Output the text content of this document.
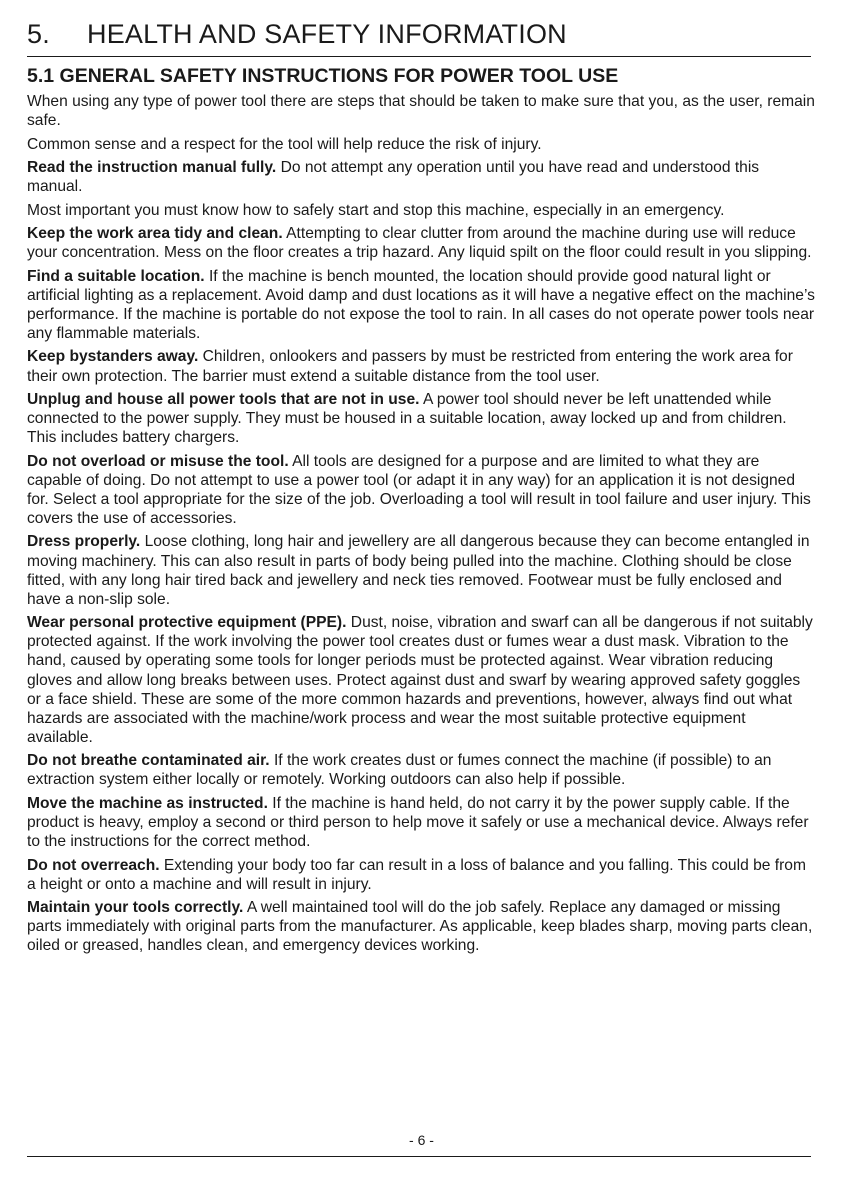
5. HEALTH AND SAFETY INFORMATION
5.1 GENERAL SAFETY INSTRUCTIONS FOR POWER TOOL USE

When using any type of power tool there are steps that should be taken to make sure that you, as the user, remain safe.

Common sense and a respect for the tool will help reduce the risk of injury.

Read the instruction manual fully. Do not attempt any operation until you have read and understood this manual.

Most important you must know how to safely start and stop this machine, especially in an emergency.

Keep the work area tidy and clean. Attempting to clear clutter from around the machine during use will reduce your concentration. Mess on the floor creates a trip hazard. Any liquid spilt on the floor could result in you slipping.

Find a suitable location. If the machine is bench mounted, the location should provide good natural light or artificial lighting as a replacement. Avoid damp and dust locations as it will have a negative effect on the machine’s performance. If the machine is portable do not expose the tool to rain. In all cases do not operate power tools near any flammable materials.

Keep bystanders away. Children, onlookers and passers by must be restricted from entering the work area for their own protection. The barrier must extend a suitable distance from the tool user.

Unplug and house all power tools that are not in use. A power tool should never be left unattended while connected to the power supply. They must be housed in a suitable location, away locked up and from children. This includes battery chargers.

Do not overload or misuse the tool. All tools are designed for a purpose and are limited to what they are capable of doing. Do not attempt to use a power tool (or adapt it in any way) for an application it is not designed for. Select a tool appropriate for the size of the job. Overloading a tool will result in tool failure and user injury. This covers the use of accessories.

Dress properly. Loose clothing, long hair and jewellery are all dangerous because they can become entangled in moving machinery. This can also result in parts of body being pulled into the machine. Clothing should be close fitted, with any long hair tired back and jewellery and neck ties removed. Footwear must be fully enclosed and have a non-slip sole.

Wear personal protective equipment (PPE). Dust, noise, vibration and swarf can all be dangerous if not suitably protected against. If the work involving the power tool creates dust or fumes wear a dust mask. Vibration to the hand, caused by operating some tools for longer periods must be protected against. Wear vibration reducing gloves and allow long breaks between uses. Protect against dust and swarf by wearing approved safety goggles or a face shield. These are some of the more common hazards and preventions, however, always find out what hazards are associated with the machine/work process and wear the most suitable protective equipment available.

Do not breathe contaminated air. If the work creates dust or fumes connect the machine (if possible) to an extraction system either locally or remotely. Working outdoors can also help if possible.

Move the machine as instructed. If the machine is hand held, do not carry it by the power supply cable. If the product is heavy, employ a second or third person to help move it safely or use a mechanical device. Always refer to the instructions for the correct method.

Do not overreach. Extending your body too far can result in a loss of balance and you falling. This could be from a height or onto a machine and will result in injury.

Maintain your tools correctly. A well maintained tool will do the job safely. Replace any damaged or missing parts immediately with original parts from the manufacturer. As applicable, keep blades sharp, moving parts clean, oiled or greased, handles clean, and emergency devices working.

- 6 -
